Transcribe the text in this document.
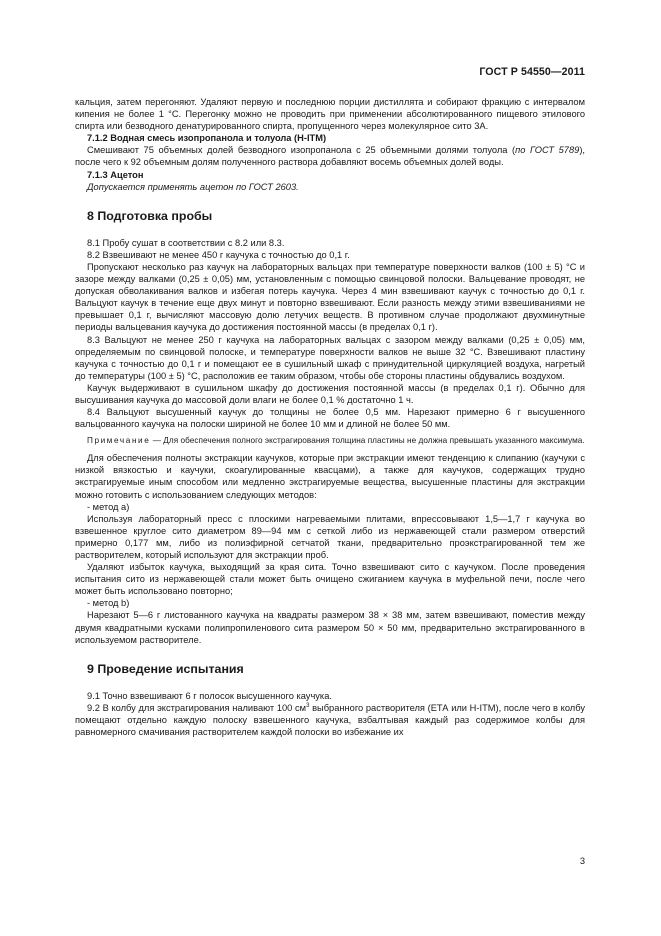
ГОСТ Р 54550—2011

кальция, затем перегоняют. Удаляют первую и последнюю порции дистиллята и собирают фракцию с интервалом кипения не более 1 °С. Перегонку можно не проводить при применении абсолютированного пищевого этилового спирта или безводного денатурированного спирта, пропущенного через молекулярное сито 3А.

7.1.2 Водная смесь изопропанола и толуола (H-ITM)

Смешивают 75 объемных долей безводного изопропанола с 25 объемными долями толуола (по ГОСТ 5789), после чего к 92 объемным долям полученного раствора добавляют восемь объемных долей воды.

7.1.3 Ацетон

Допускается применять ацетон по ГОСТ 2603.

8 Подготовка пробы

8.1 Пробу сушат в соответствии с 8.2 или 8.3.

8.2 Взвешивают не менее 450 г каучука с точностью до 0,1 г.

Пропускают несколько раз каучук на лабораторных вальцах при температуре поверхности валков (100 ± 5) °С и зазоре между валками (0,25 ± 0,05) мм, установленным с помощью свинцовой полоски. Вальцевание проводят, не допуская обволакивания валков и избегая потерь каучука. Через 4 мин взвешивают каучук с точностью до 0,1 г. Вальцуют каучук в течение еще двух минут и повторно взвешивают. Если разность между этими взвешиваниями не превышает 0,1 г, вычисляют массовую долю летучих веществ. В противном случае продолжают двухминутные периоды вальцевания каучука до достижения постоянной массы (в пределах 0,1 г).

8.3 Вальцуют не менее 250 г каучука на лабораторных вальцах с зазором между валками (0,25 ± 0,05) мм, определяемым по свинцовой полоске, и температуре поверхности валков не выше 32 °С. Взвешивают пластину каучука с точностью до 0,1 г и помещают ее в сушильный шкаф с принудительной циркуляцией воздуха, нагретый до температуры (100 ± 5) °С, расположив ее таким образом, чтобы обе стороны пластины обдувались воздухом.

Каучук выдерживают в сушильном шкафу до достижения постоянной массы (в пределах 0,1 г). Обычно для высушивания каучука до массовой доли влаги не более 0,1 % достаточно 1 ч.

8.4 Вальцуют высушенный каучук до толщины не более 0,5 мм. Нарезают примерно 6 г высушенного вальцованного каучука на полоски шириной не более 10 мм и длиной не более 50 мм.

Примечание — Для обеспечения полного экстрагирования толщина пластины не должна превышать указанного максимума.

Для обеспечения полноты экстракции каучуков, которые при экстракции имеют тенденцию к слипанию (каучуки с низкой вязкостью и каучуки, скоагулированные квасцами), а также для каучуков, содержащих трудно экстрагируемые иным способом или медленно экстрагируемые вещества, высушенные пластины для экстракции можно готовить с использованием следующих методов:

- метод а)

Используя лабораторный пресс с плоскими нагреваемыми плитами, впрессовывают 1,5—1,7 г каучука во взвешенное круглое сито диаметром 89—94 мм с сеткой либо из нержавеющей стали размером отверстий примерно 0,177 мм, либо из полиэфирной сетчатой ткани, предварительно проэкстрагированной тем же растворителем, который используют для экстракции проб.

Удаляют избыток каучука, выходящий за края сита. Точно взвешивают сито с каучуком. После проведения испытания сито из нержавеющей стали может быть очищено сжиганием каучука в муфельной печи, после чего может быть использовано повторно;

- метод b)

Нарезают 5—6 г листованного каучука на квадраты размером 38 × 38 мм, затем взвешивают, поместив между двумя квадратными кусками полипропиленового сита размером 50 × 50 мм, предварительно экстрагированного в используемом растворителе.

9 Проведение испытания

9.1 Точно взвешивают 6 г полосок высушенного каучука.

9.2 В колбу для экстрагирования наливают 100 $см^3$ выбранного растворителя (ЕТА или H-ITM), после чего в колбу помещают отдельно каждую полоску взвешенного каучука, взбалтывая каждый раз содержимое колбы для равномерного смачивания растворителем каждой полоски во избежание их

3
